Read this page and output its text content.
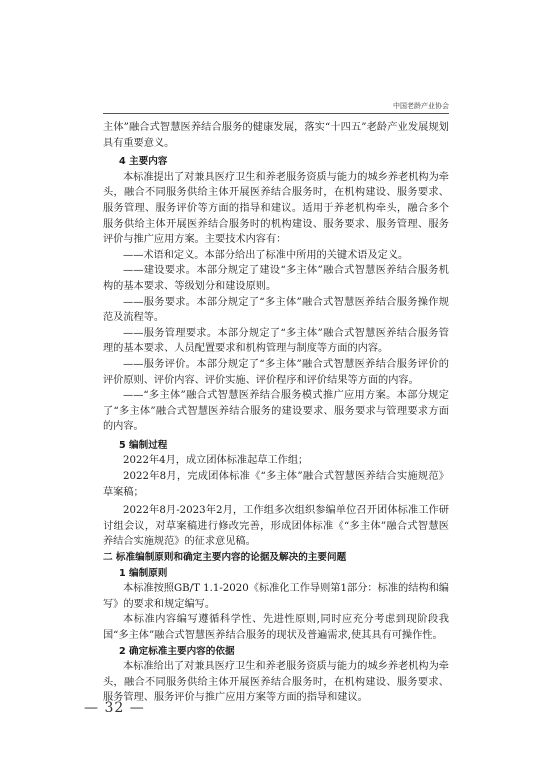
中国老龄产业协会

主体”融合式智慧医养结合服务的健康发展，落实“十四五”老龄产业发展规划具有重要意义。

4 主要内容

本标准提出了对兼具医疗卫生和养老服务资质与能力的城乡养老机构为牵头，融合不同服务供给主体开展医养结合服务时，在机构建设、服务要求、服务管理、服务评价等方面的指导和建议。适用于养老机构牵头，融合多个服务供给主体开展医养结合服务时的机构建设、服务要求、服务管理、服务评价与推广应用方案。主要技术内容有：

——术语和定义。本部分给出了标准中所用的关键术语及定义。

——建设要求。本部分规定了建设“多主体”融合式智慧医养结合服务机构的基本要求、等级划分和建设原则。

——服务要求。本部分规定了“多主体”融合式智慧医养结合服务操作规范及流程等。

——服务管理要求。本部分规定了“多主体”融合式智慧医养结合服务管理的基本要求、人员配置要求和机构管理与制度等方面的内容。

——服务评价。本部分规定了“多主体”融合式智慧医养结合服务评价的评价原则、评价内容、评价实施、评价程序和评价结果等方面的内容。

——“多主体”融合式智慧医养结合服务模式推广应用方案。本部分规定了“多主体”融合式智慧医养结合服务的建设要求、服务要求与管理要求方面的内容。

5 编制过程

2022年4月，成立团体标准起草工作组；

2022年8月，完成团体标准《“多主体”融合式智慧医养结合实施规范》草案稿；

2022年8月-2023年2月，工作组多次组织参编单位召开团体标准工作研讨组会议，对草案稿进行修改完善，形成团体标准《“多主体”融合式智慧医养结合实施规范》的征求意见稿。

二 标准编制原则和确定主要内容的论据及解决的主要问题

1 编制原则

本标准按照GB/T 1.1-2020《标准化工作导则第1部分：标准的结构和编写》的要求和规定编写。

本标准内容编写遵循科学性、先进性原则,同时应充分考虑到现阶段我国“多主体”融合式智慧医养结合服务的现状及普遍需求,使其具有可操作性。

2 确定标准主要内容的依据

本标准给出了对兼具医疗卫生和养老服务资质与能力的城乡养老机构为牵头，融合不同服务供给主体开展医养结合服务时，在机构建设、服务要求、服务管理、服务评价与推广应用方案等方面的指导和建议。

— 32 —
